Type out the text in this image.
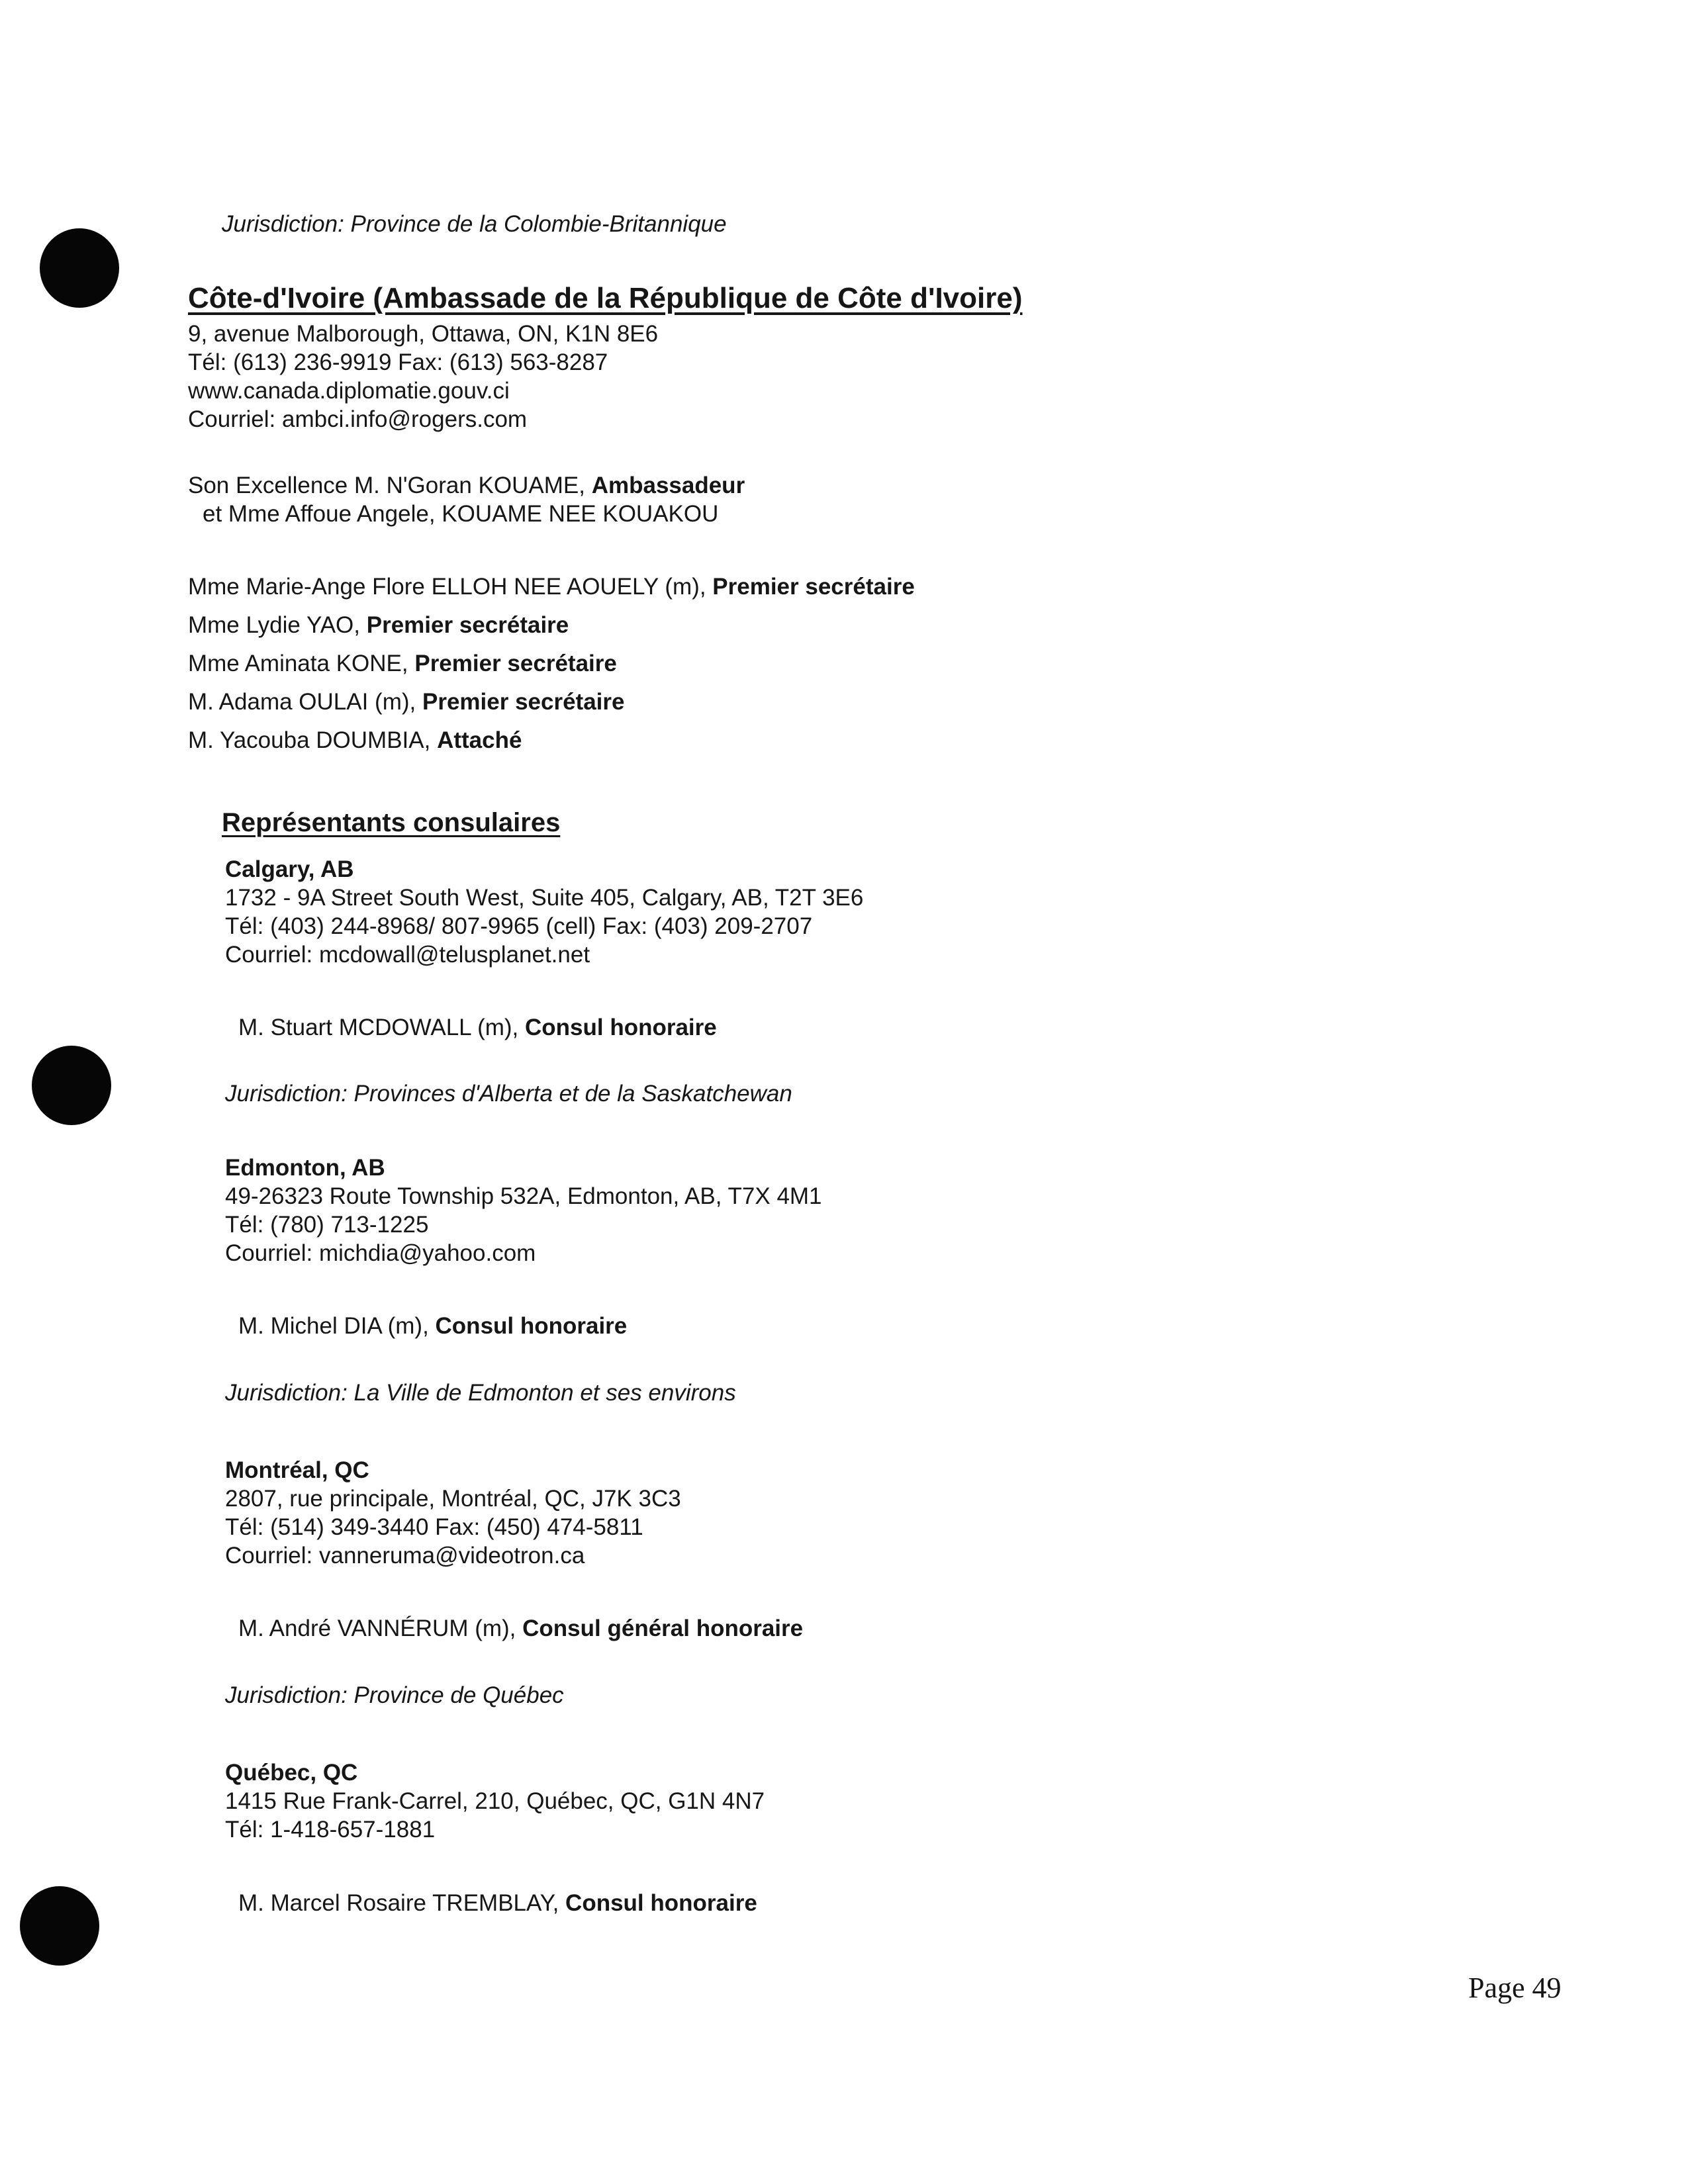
Jurisdiction: Province de la Colombie-Britannique
Côte-d'Ivoire (Ambassade de la République de Côte d'Ivoire)
9, avenue Malborough, Ottawa, ON, K1N 8E6
Tél: (613) 236-9919 Fax: (613) 563-8287
www.canada.diplomatie.gouv.ci
Courriel: ambci.info@rogers.com
Son Excellence M. N'Goran KOUAME, Ambassadeur
et Mme Affoue Angele, KOUAME NEE KOUAKOU
Mme Marie-Ange Flore ELLOH NEE AOUELY (m), Premier secrétaire
Mme Lydie YAO, Premier secrétaire
Mme Aminata KONE, Premier secrétaire
M. Adama OULAI (m), Premier secrétaire
M. Yacouba DOUMBIA, Attaché
Représentants consulaires
Calgary, AB
1732 - 9A Street South West, Suite 405, Calgary, AB, T2T 3E6
Tél: (403) 244-8968/ 807-9965 (cell) Fax: (403) 209-2707
Courriel: mcdowall@telusplanet.net
M. Stuart MCDOWALL (m), Consul honoraire
Jurisdiction: Provinces d'Alberta et de la Saskatchewan
Edmonton, AB
49-26323 Route Township 532A, Edmonton, AB, T7X 4M1
Tél: (780) 713-1225
Courriel: michdia@yahoo.com
M. Michel DIA (m), Consul honoraire
Jurisdiction: La Ville de Edmonton et ses environs
Montréal, QC
2807, rue principale, Montréal, QC, J7K 3C3
Tél: (514) 349-3440 Fax: (450) 474-5811
Courriel: vanneruma@videotron.ca
M. André VANNÉRUM (m), Consul général honoraire
Jurisdiction: Province de Québec
Québec, QC
1415 Rue Frank-Carrel, 210, Québec, QC, G1N 4N7
Tél: 1-418-657-1881
M. Marcel Rosaire TREMBLAY, Consul honoraire
Page 49
